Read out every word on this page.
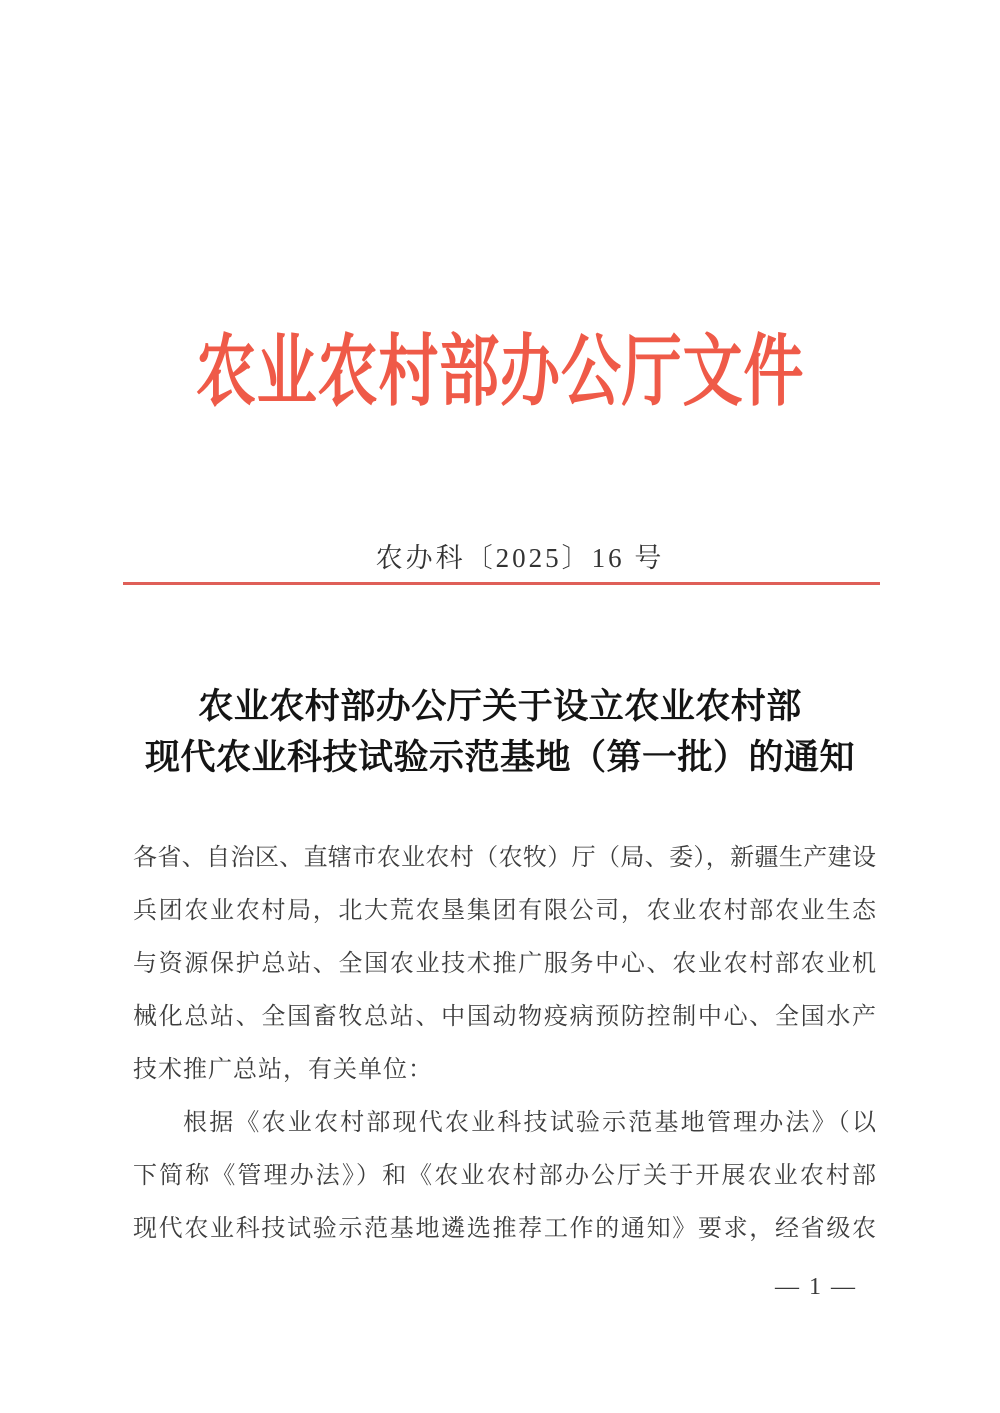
农业农村部办公厅文件
农办科〔2025〕16 号
农业农村部办公厅关于设立农业农村部
现代农业科技试验示范基地（第一批）的通知
各省、自治区、直辖市农业农村（农牧）厅（局、委），新疆生产建设
兵团农业农村局，北大荒农垦集团有限公司，农业农村部农业生态
与资源保护总站、全国农业技术推广服务中心、农业农村部农业机
械化总站、全国畜牧总站、中国动物疫病预防控制中心、全国水产
技术推广总站，有关单位：
根据《农业农村部现代农业科技试验示范基地管理办法》（以
下简称《管理办法》）和《农业农村部办公厅关于开展农业农村部
现代农业科技试验示范基地遴选推荐工作的通知》要求，经省级农
— 1 —
